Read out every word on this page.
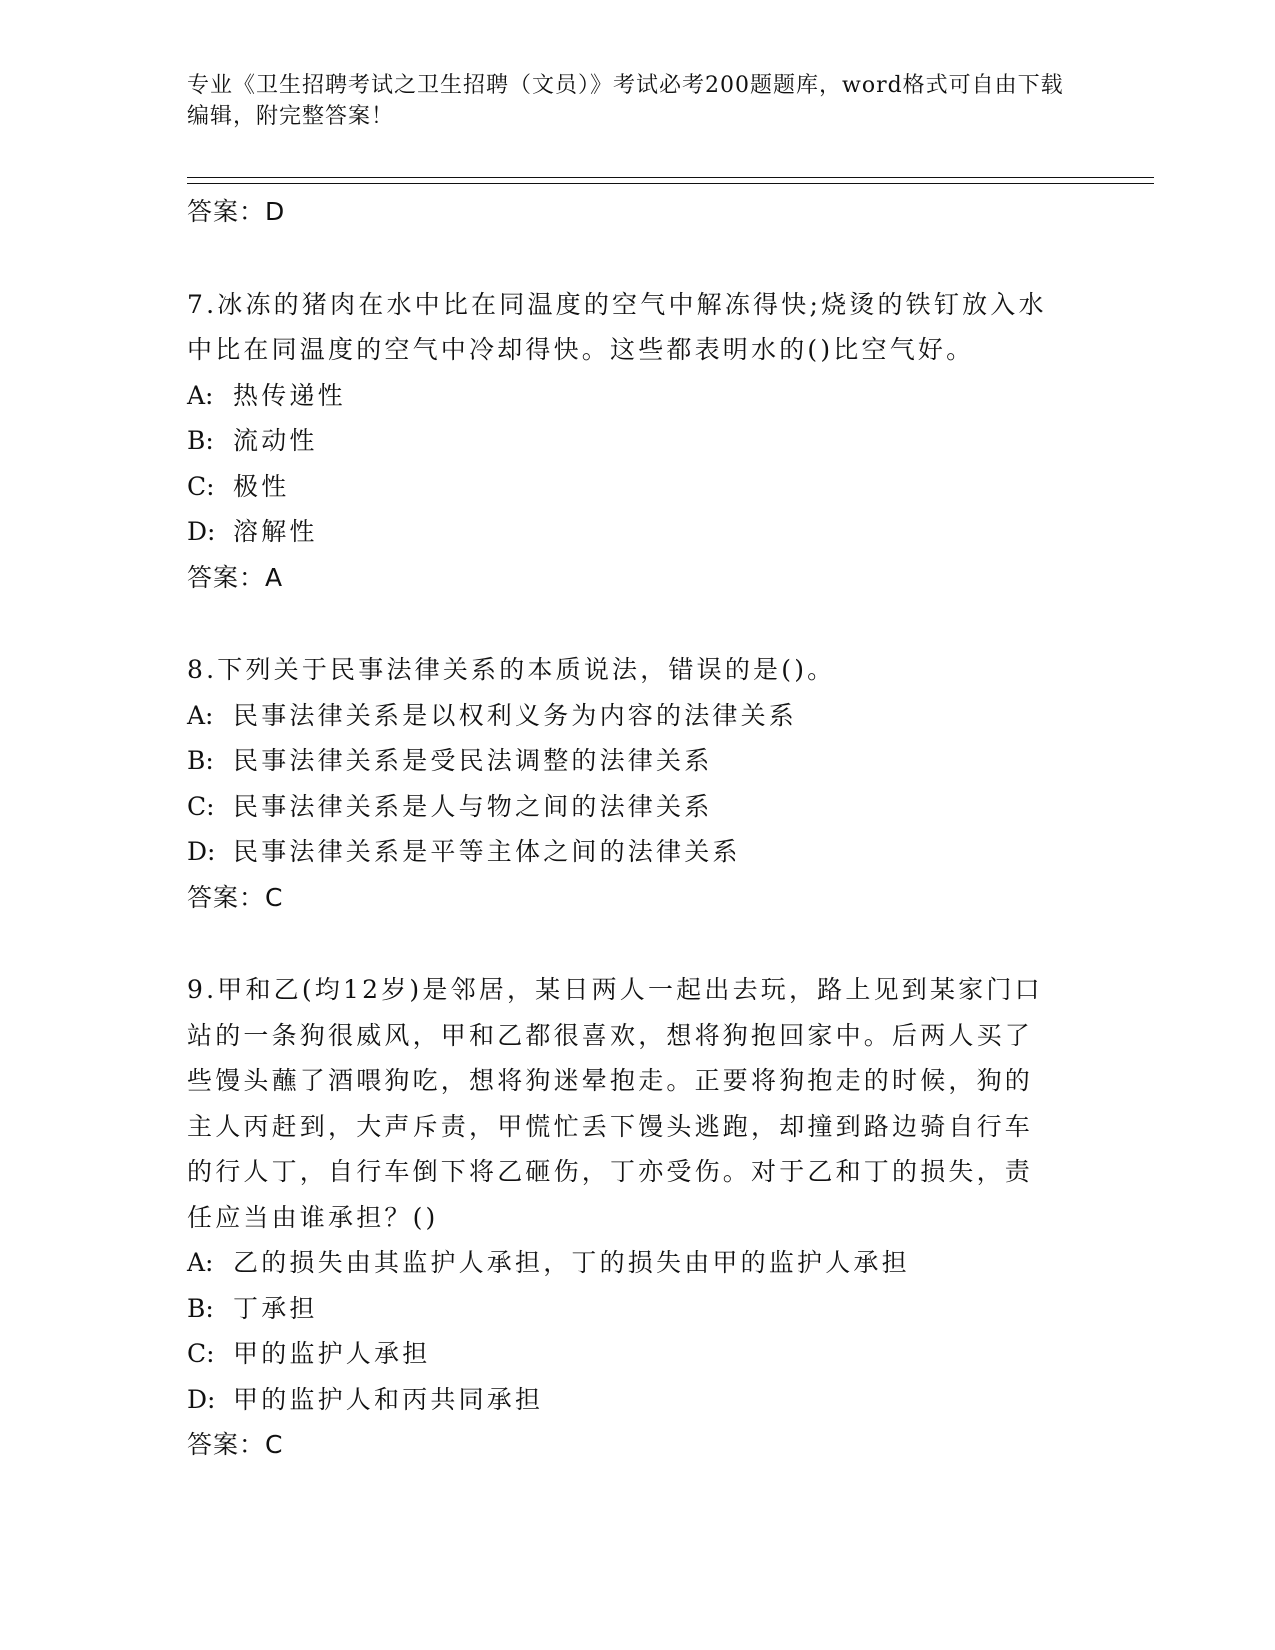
专业《卫生招聘考试之卫生招聘（文员）》考试必考200题题库，word格式可自由下载编辑，附完整答案！
答案：D
7.冰冻的猪肉在水中比在同温度的空气中解冻得快;烧烫的铁钉放入水
中比在同温度的空气中冷却得快。这些都表明水的()比空气好。
A: 热传递性
B: 流动性
C: 极性
D: 溶解性
答案：A
8.下列关于民事法律关系的本质说法，错误的是()。
A: 民事法律关系是以权利义务为内容的法律关系
B: 民事法律关系是受民法调整的法律关系
C: 民事法律关系是人与物之间的法律关系
D: 民事法律关系是平等主体之间的法律关系
答案：C
9.甲和乙(均12岁)是邻居，某日两人一起出去玩，路上见到某家门口
站的一条狗很威风，甲和乙都很喜欢，想将狗抱回家中。后两人买了
些馒头蘸了酒喂狗吃，想将狗迷晕抱走。正要将狗抱走的时候，狗的
主人丙赶到，大声斥责，甲慌忙丢下馒头逃跑，却撞到路边骑自行车
的行人丁，自行车倒下将乙砸伤，丁亦受伤。对于乙和丁的损失，责
任应当由谁承担？()
A: 乙的损失由其监护人承担，丁的损失由甲的监护人承担
B: 丁承担
C: 甲的监护人承担
D: 甲的监护人和丙共同承担
答案：C
